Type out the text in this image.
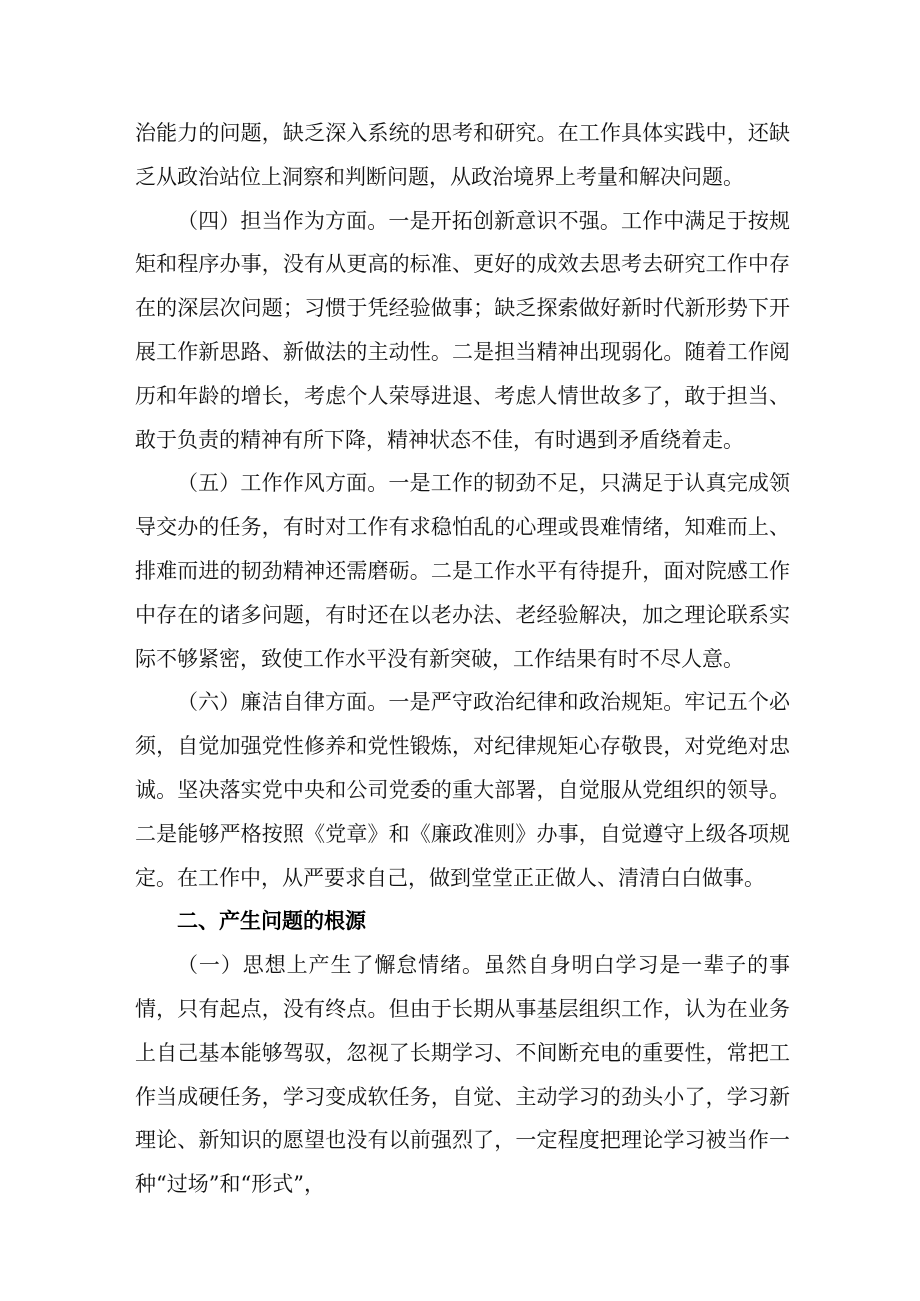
治能力的问题，缺乏深入系统的思考和研究。在工作具体实践中，还缺乏从政治站位上洞察和判断问题，从政治境界上考量和解决问题。

（四）担当作为方面。一是开拓创新意识不强。工作中满足于按规矩和程序办事，没有从更高的标准、更好的成效去思考去研究工作中存在的深层次问题；习惯于凭经验做事；缺乏探索做好新时代新形势下开展工作新思路、新做法的主动性。二是担当精神出现弱化。随着工作阅历和年龄的增长，考虑个人荣辱进退、考虑人情世故多了，敢于担当、敢于负责的精神有所下降，精神状态不佳，有时遇到矛盾绕着走。

（五）工作作风方面。一是工作的韧劲不足，只满足于认真完成领导交办的任务，有时对工作有求稳怕乱的心理或畏难情绪，知难而上、排难而进的韧劲精神还需磨砺。二是工作水平有待提升，面对院感工作中存在的诸多问题，有时还在以老办法、老经验解决，加之理论联系实际不够紧密，致使工作水平没有新突破，工作结果有时不尽人意。

（六）廉洁自律方面。一是严守政治纪律和政治规矩。牢记五个必须，自觉加强党性修养和党性锻炼，对纪律规矩心存敬畏，对党绝对忠诚。坚决落实党中央和公司党委的重大部署，自觉服从党组织的领导。二是能够严格按照《党章》和《廉政准则》办事，自觉遵守上级各项规定。在工作中，从严要求自己，做到堂堂正正做人、清清白白做事。

二、产生问题的根源

（一）思想上产生了懈怠情绪。虽然自身明白学习是一辈子的事情，只有起点，没有终点。但由于长期从事基层组织工作，认为在业务上自己基本能够驾驭，忽视了长期学习、不间断充电的重要性，常把工作当成硬任务，学习变成软任务，自觉、主动学习的劲头小了，学习新理论、新知识的愿望也没有以前强烈了，一定程度把理论学习被当作一种“过场”和“形式”，
